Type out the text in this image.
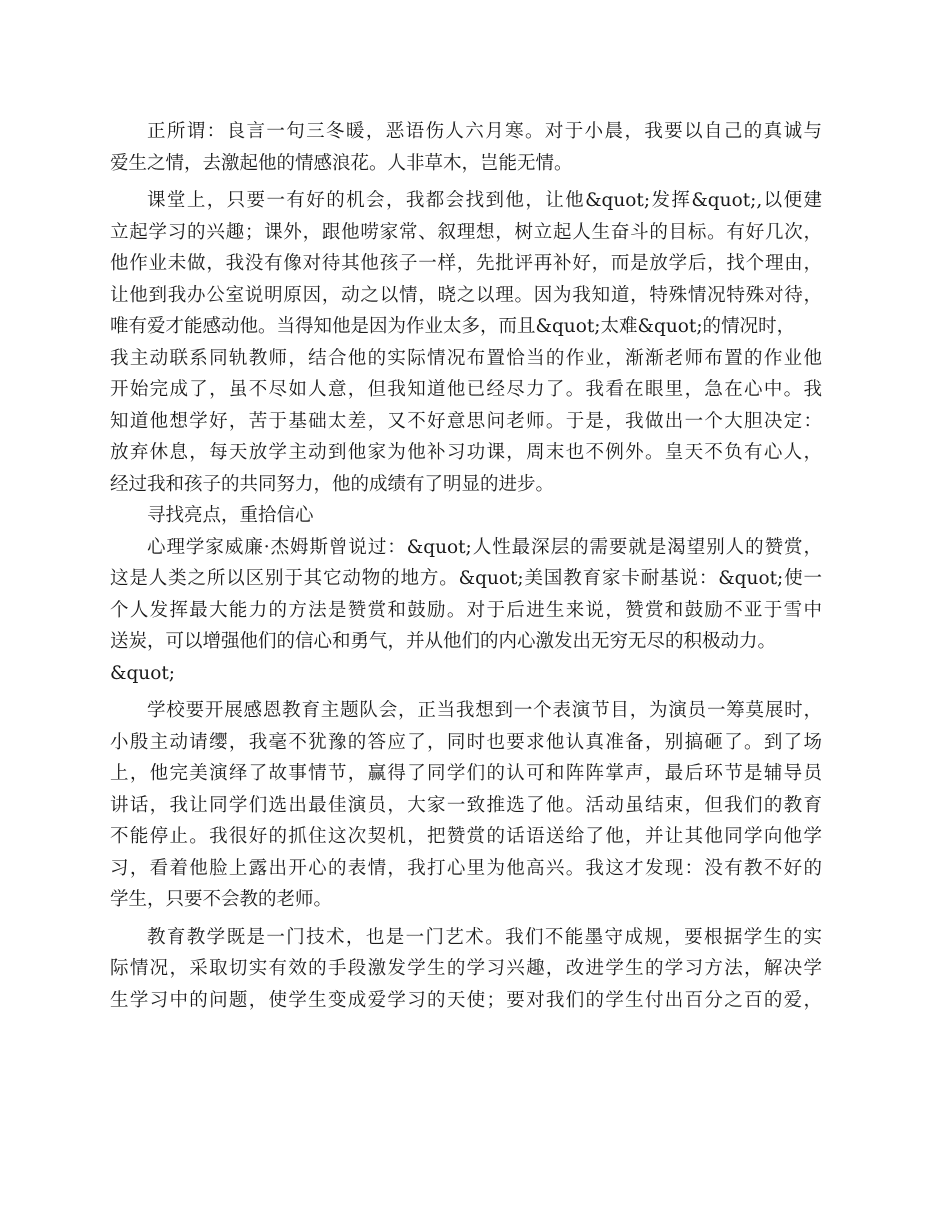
正所谓：良言一句三冬暖，恶语伤人六月寒。对于小晨，我要以自己的真诚与
爱生之情，去激起他的情感浪花。人非草木，岂能无情。
课堂上，只要一有好的机会，我都会找到他，让他&quot;发挥&quot;,以便建
立起学习的兴趣；课外，跟他唠家常、叙理想，树立起人生奋斗的目标。有好几次，
他作业未做，我没有像对待其他孩子一样，先批评再补好，而是放学后，找个理由，
让他到我办公室说明原因，动之以情，晓之以理。因为我知道，特殊情况特殊对待，
唯有爱才能感动他。当得知他是因为作业太多，而且&quot;太难&quot;的情况时，
我主动联系同轨教师，结合他的实际情况布置恰当的作业，渐渐老师布置的作业他
开始完成了，虽不尽如人意，但我知道他已经尽力了。我看在眼里，急在心中。我
知道他想学好，苦于基础太差，又不好意思问老师。于是，我做出一个大胆决定：
放弃休息，每天放学主动到他家为他补习功课，周末也不例外。皇天不负有心人，
经过我和孩子的共同努力，他的成绩有了明显的进步。
寻找亮点，重拾信心
心理学家威廉·杰姆斯曾说过：&quot;人性最深层的需要就是渴望别人的赞赏，
这是人类之所以区别于其它动物的地方。&quot;美国教育家卡耐基说：&quot;使一
个人发挥最大能力的方法是赞赏和鼓励。对于后进生来说，赞赏和鼓励不亚于雪中
送炭，可以增强他们的信心和勇气，并从他们的内心激发出无穷无尽的积极动力。
&quot;
学校要开展感恩教育主题队会，正当我想到一个表演节目，为演员一筹莫展时，
小殷主动请缨，我毫不犹豫的答应了，同时也要求他认真准备，别搞砸了。到了场
上，他完美演绎了故事情节，赢得了同学们的认可和阵阵掌声，最后环节是辅导员
讲话，我让同学们选出最佳演员，大家一致推选了他。活动虽结束，但我们的教育
不能停止。我很好的抓住这次契机，把赞赏的话语送给了他，并让其他同学向他学
习，看着他脸上露出开心的表情，我打心里为他高兴。我这才发现：没有教不好的
学生，只要不会教的老师。
教育教学既是一门技术，也是一门艺术。我们不能墨守成规，要根据学生的实
际情况，采取切实有效的手段激发学生的学习兴趣，改进学生的学习方法，解决学
生学习中的问题，使学生变成爱学习的天使；要对我们的学生付出百分之百的爱，
